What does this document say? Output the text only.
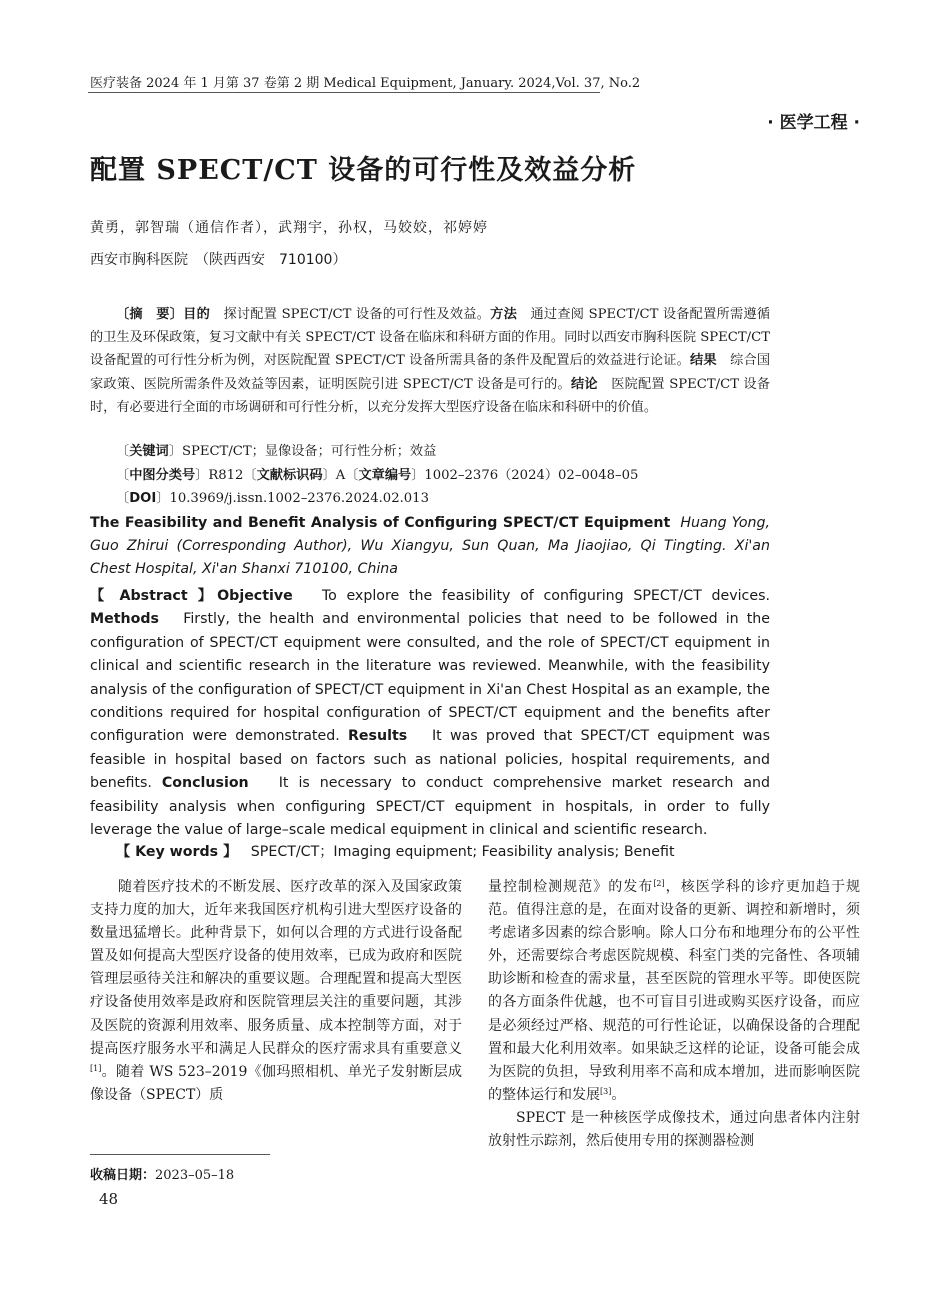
医疗装备 2024 年 1 月第 37 卷第 2 期 Medical Equipment, January. 2024,Vol. 37, No.2
· 医学工程 ·
配置 SPECT/CT 设备的可行性及效益分析
黄勇，郭智瑞（通信作者），武翔宇，孙权，马姣姣，祁婷婷
西安市胸科医院　（陕西西安　710100）

〔摘　要〕目的　 探讨配置 SPECT/CT 设备的可行性及效益。方法　 通过查阅 SPECT/CT 设备配置所需遵循的卫生及环保政策，复习文献中有关 SPECT/CT 设备在临床和科研方面的作用。同时以西安市胸科医院 SPECT/CT 设备配置的可行性分析为例，对医院配置 SPECT/CT 设备所需具备的条件及配置后的效益进行论证。结果　 综合国家政策、医院所需条件及效益等因素，证明医院引进 SPECT/CT 设备是可行的。结论　 医院配置 SPECT/CT 设备时，有必要进行全面的市场调研和可行性分析，以充分发挥大型医疗设备在临床和科研中的价值。

〔关键词〕SPECT/CT；显像设备；可行性分析；效益

〔中图分类号〕R812〔文献标识码〕A〔文章编号〕1002–2376（2024）02–0048–05

〔DOI〕10.3969/j.issn.1002–2376.2024.02.013

The Feasibility and Benefit Analysis of Configuring SPECT/CT Equipment Huang Yong, Guo Zhirui (Corresponding Author), Wu Xiangyu, Sun Quan, Ma Jiaojiao, Qi Tingting. Xi'an Chest Hospital, Xi'an Shanxi 710100, China
【 Abstract 】Objective To explore the feasibility of configuring SPECT/CT devices. Methods Firstly, the health and environmental policies that need to be followed in the configuration of SPECT/CT equipment were consulted, and the role of SPECT/CT equipment in clinical and scientific research in the literature was reviewed. Meanwhile, with the feasibility analysis of the configuration of SPECT/CT equipment in Xi'an Chest Hospital as an example, the conditions required for hospital configuration of SPECT/CT equipment and the benefits after configuration were demonstrated. Results It was proved that SPECT/CT equipment was feasible in hospital based on factors such as national policies, hospital requirements, and benefits. Conclusion It is necessary to conduct comprehensive market research and feasibility analysis when configuring SPECT/CT equipment in hospitals, in order to fully leverage the value of large–scale medical equipment in clinical and scientific research.
【 Key words 】 SPECT/CT；Imaging equipment; Feasibility analysis; Benefit

随着医疗技术的不断发展、医疗改革的深入及国家政策支持力度的加大，近年来我国医疗机构引进大型医疗设备的数量迅猛增长。此种背景下，如何以合理的方式进行设备配置及如何提高大型医疗设备的使用效率，已成为政府和医院管理层亟待关注和解决的重要议题。合理配置和提高大型医疗设备使用效率是政府和医院管理层关注的重要问题，其涉及医院的资源利用效率、服务质量、成本控制等方面，对于提高医疗服务水平和满足人民群众的医疗需求具有重要意义[1]。随着 WS 523–2019《伽玛照相机、单光子发射断层成像设备（SPECT）质

量控制检测规范》的发布[2]，核医学科的诊疗更加趋于规范。值得注意的是，在面对设备的更新、调控和新增时，须考虑诸多因素的综合影响。除人口分布和地理分布的公平性外，还需要综合考虑医院规模、科室门类的完备性、各项辅助诊断和检查的需求量，甚至医院的管理水平等。即使医院的各方面条件优越，也不可盲目引进或购买医疗设备，而应是必须经过严格、规范的可行性论证，以确保设备的合理配置和最大化利用效率。如果缺乏这样的论证，设备可能会成为医院的负担，导致利用率不高和成本增加，进而影响医院的整体运行和发展[3]。

SPECT 是一种核医学成像技术，通过向患者体内注射放射性示踪剂，然后使用专用的探测器检测

收稿日期：2023–05–18
48
